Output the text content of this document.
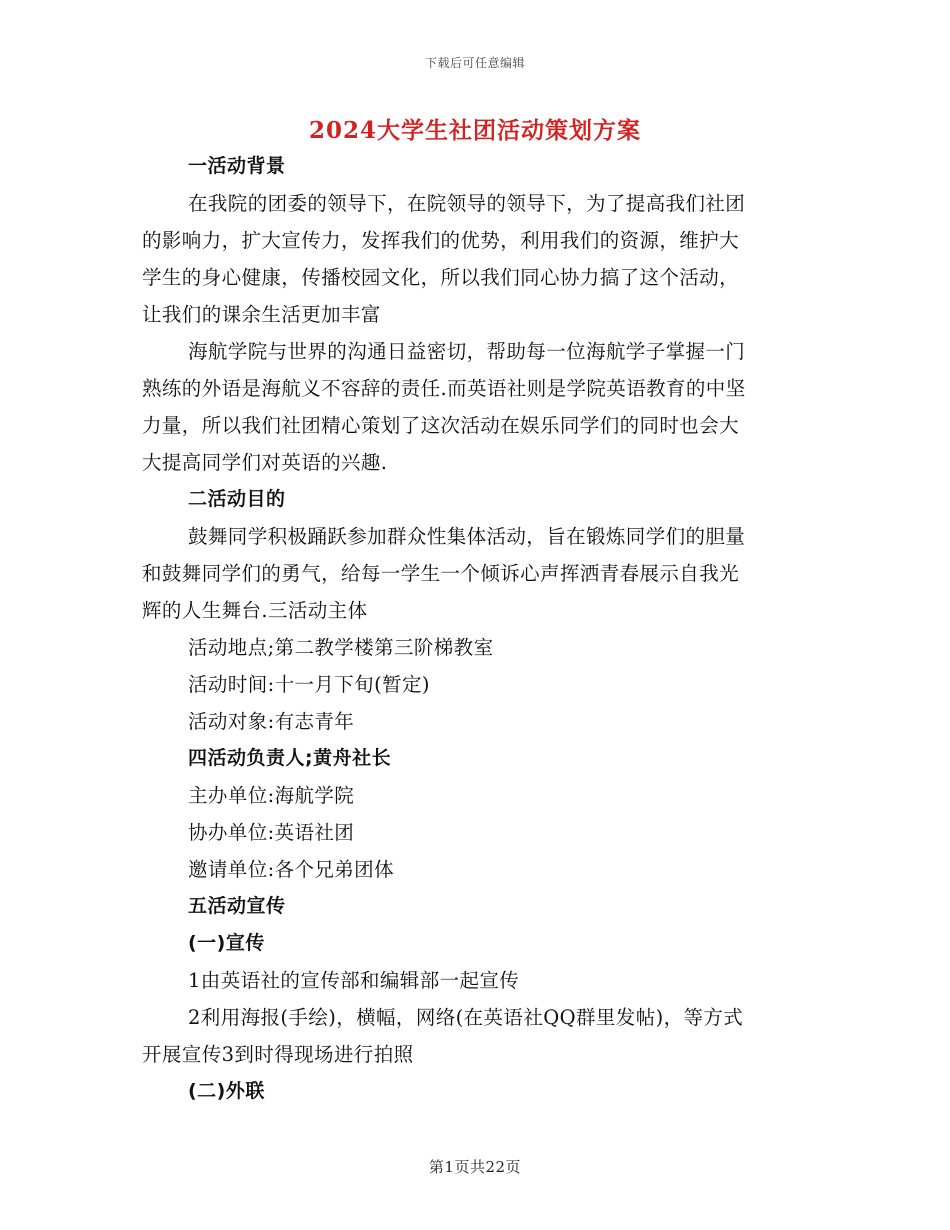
下载后可任意编辑
2024大学生社团活动策划方案
一活动背景
在我院的团委的领导下，在院领导的领导下，为了提高我们社团
的影响力，扩大宣传力，发挥我们的优势，利用我们的资源，维护大
学生的身心健康，传播校园文化，所以我们同心协力搞了这个活动，
让我们的课余生活更加丰富
海航学院与世界的沟通日益密切，帮助每一位海航学子掌握一门
熟练的外语是海航义不容辞的责任.而英语社则是学院英语教育的中坚
力量，所以我们社团精心策划了这次活动在娱乐同学们的同时也会大
大提高同学们对英语的兴趣.
二活动目的
鼓舞同学积极踊跃参加群众性集体活动，旨在锻炼同学们的胆量
和鼓舞同学们的勇气，给每一学生一个倾诉心声挥洒青春展示自我光
辉的人生舞台.三活动主体
活动地点;第二教学楼第三阶梯教室
活动时间:十一月下旬(暂定)
活动对象:有志青年
四活动负责人;黄舟社长
主办单位:海航学院
协办单位:英语社团
邀请单位:各个兄弟团体
五活动宣传
(一)宣传
1由英语社的宣传部和编辑部一起宣传
2利用海报(手绘)，横幅，网络(在英语社QQ群里发帖)，等方式
开展宣传3到时得现场进行拍照
(二)外联
第1页共22页
